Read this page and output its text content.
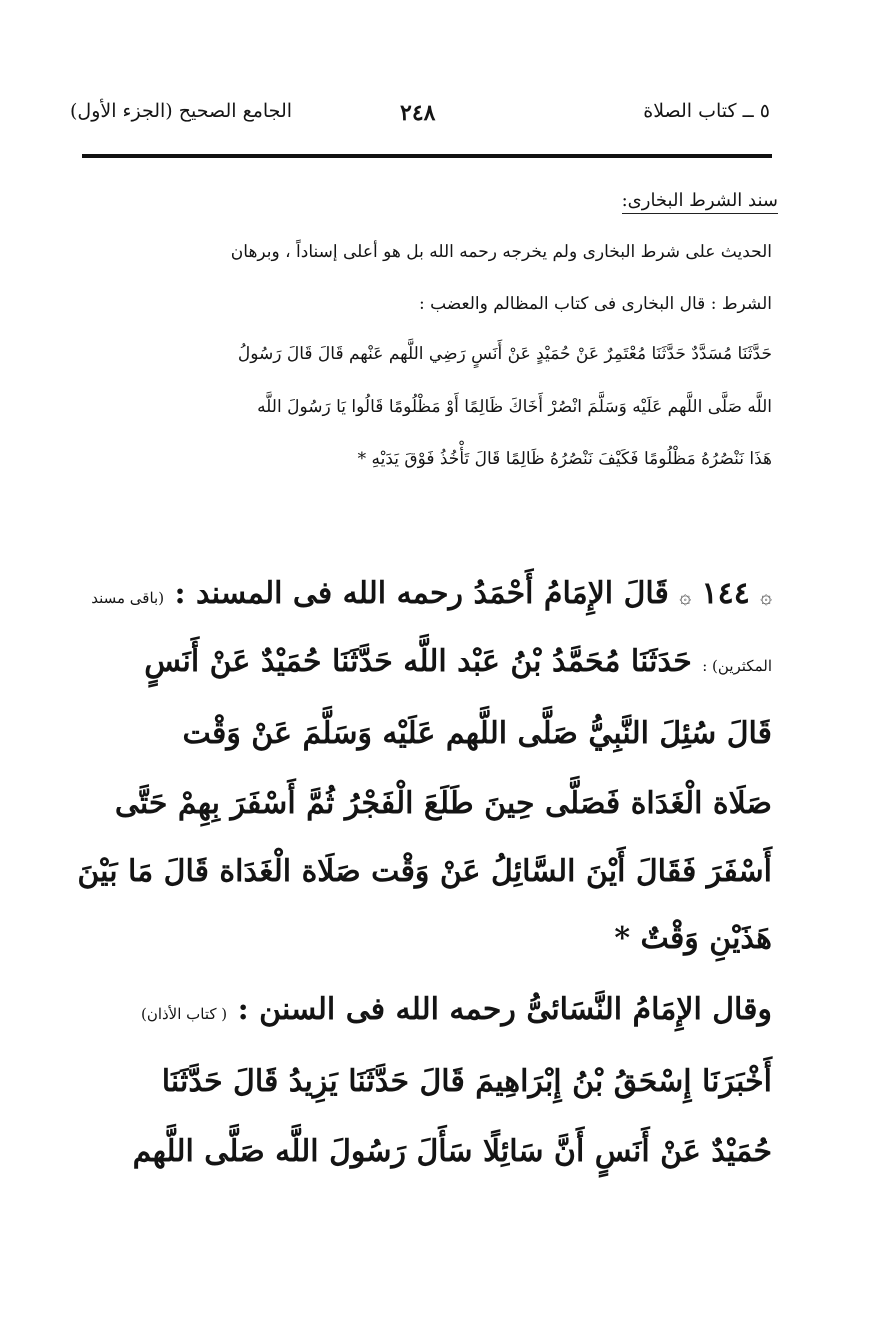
٥ ــ كتاب الصلاة
٢٤٨
الجامع الصحيح (الجزء الأول)
سند الشرط البخارى:
الحديث على شرط البخارى ولم يخرجه رحمه الله بل هو أعلى إسناداً ، وبرهان
الشرط : قال البخارى فى كتاب المظالم والعضب :
حَدَّثَنَا مُسَدَّدٌ حَدَّثَنَا مُعْتَمِرٌ عَنْ حُمَيْدٍ عَنْ أَنَسٍ رَضِي اللَّهم عَنْهم قَالَ قَالَ رَسُولُ
اللَّه صَلَّى اللَّهم عَلَيْه وَسَلَّمَ انْصُرْ أَخَاكَ ظَالِمًا أَوْ مَظْلُومًا قَالُوا يَا رَسُولَ اللَّه
هَذَا نَنْصُرُهُ مَظْلُومًا فَكَيْفَ نَنْصُرُهُ ظَالِمًا قَالَ تَأْخُذُ فَوْقَ يَدَيْهِ *
۞ ١٤٤ ۞ قَالَ الإِمَامُ أَحْمَدُ رحمه الله فى المسند : (باقى مسند
المكثرين) : حَدَثَنَا مُحَمَّدُ بْنُ عَبْد اللَّه حَدَّثَنَا حُمَيْدٌ عَنْ أَنَسٍ
قَالَ سُئِلَ النَّبِيُّ صَلَّى اللَّهم عَلَيْه وَسَلَّمَ عَنْ وَقْت
صَلَاة الْغَدَاة فَصَلَّى حِينَ طَلَعَ الْفَجْرُ ثُمَّ أَسْفَرَ بِهِمْ حَتَّى
أَسْفَرَ فَقَالَ أَيْنَ السَّائِلُ عَنْ وَقْت صَلَاة الْغَدَاة قَالَ مَا بَيْنَ
هَذَيْنِ وَقْتٌ *
وقال الإِمَامُ النَّسَائىُّ رحمه الله فى السنن : ( كتاب الأذان)
أَخْبَرَنَا إِسْحَقُ بْنُ إِبْرَاهِيمَ قَالَ حَدَّثَنَا يَزِيدُ قَالَ حَدَّثَنَا
حُمَيْدٌ عَنْ أَنَسٍ أَنَّ سَائِلًا سَأَلَ رَسُولَ اللَّه صَلَّى اللَّهم
